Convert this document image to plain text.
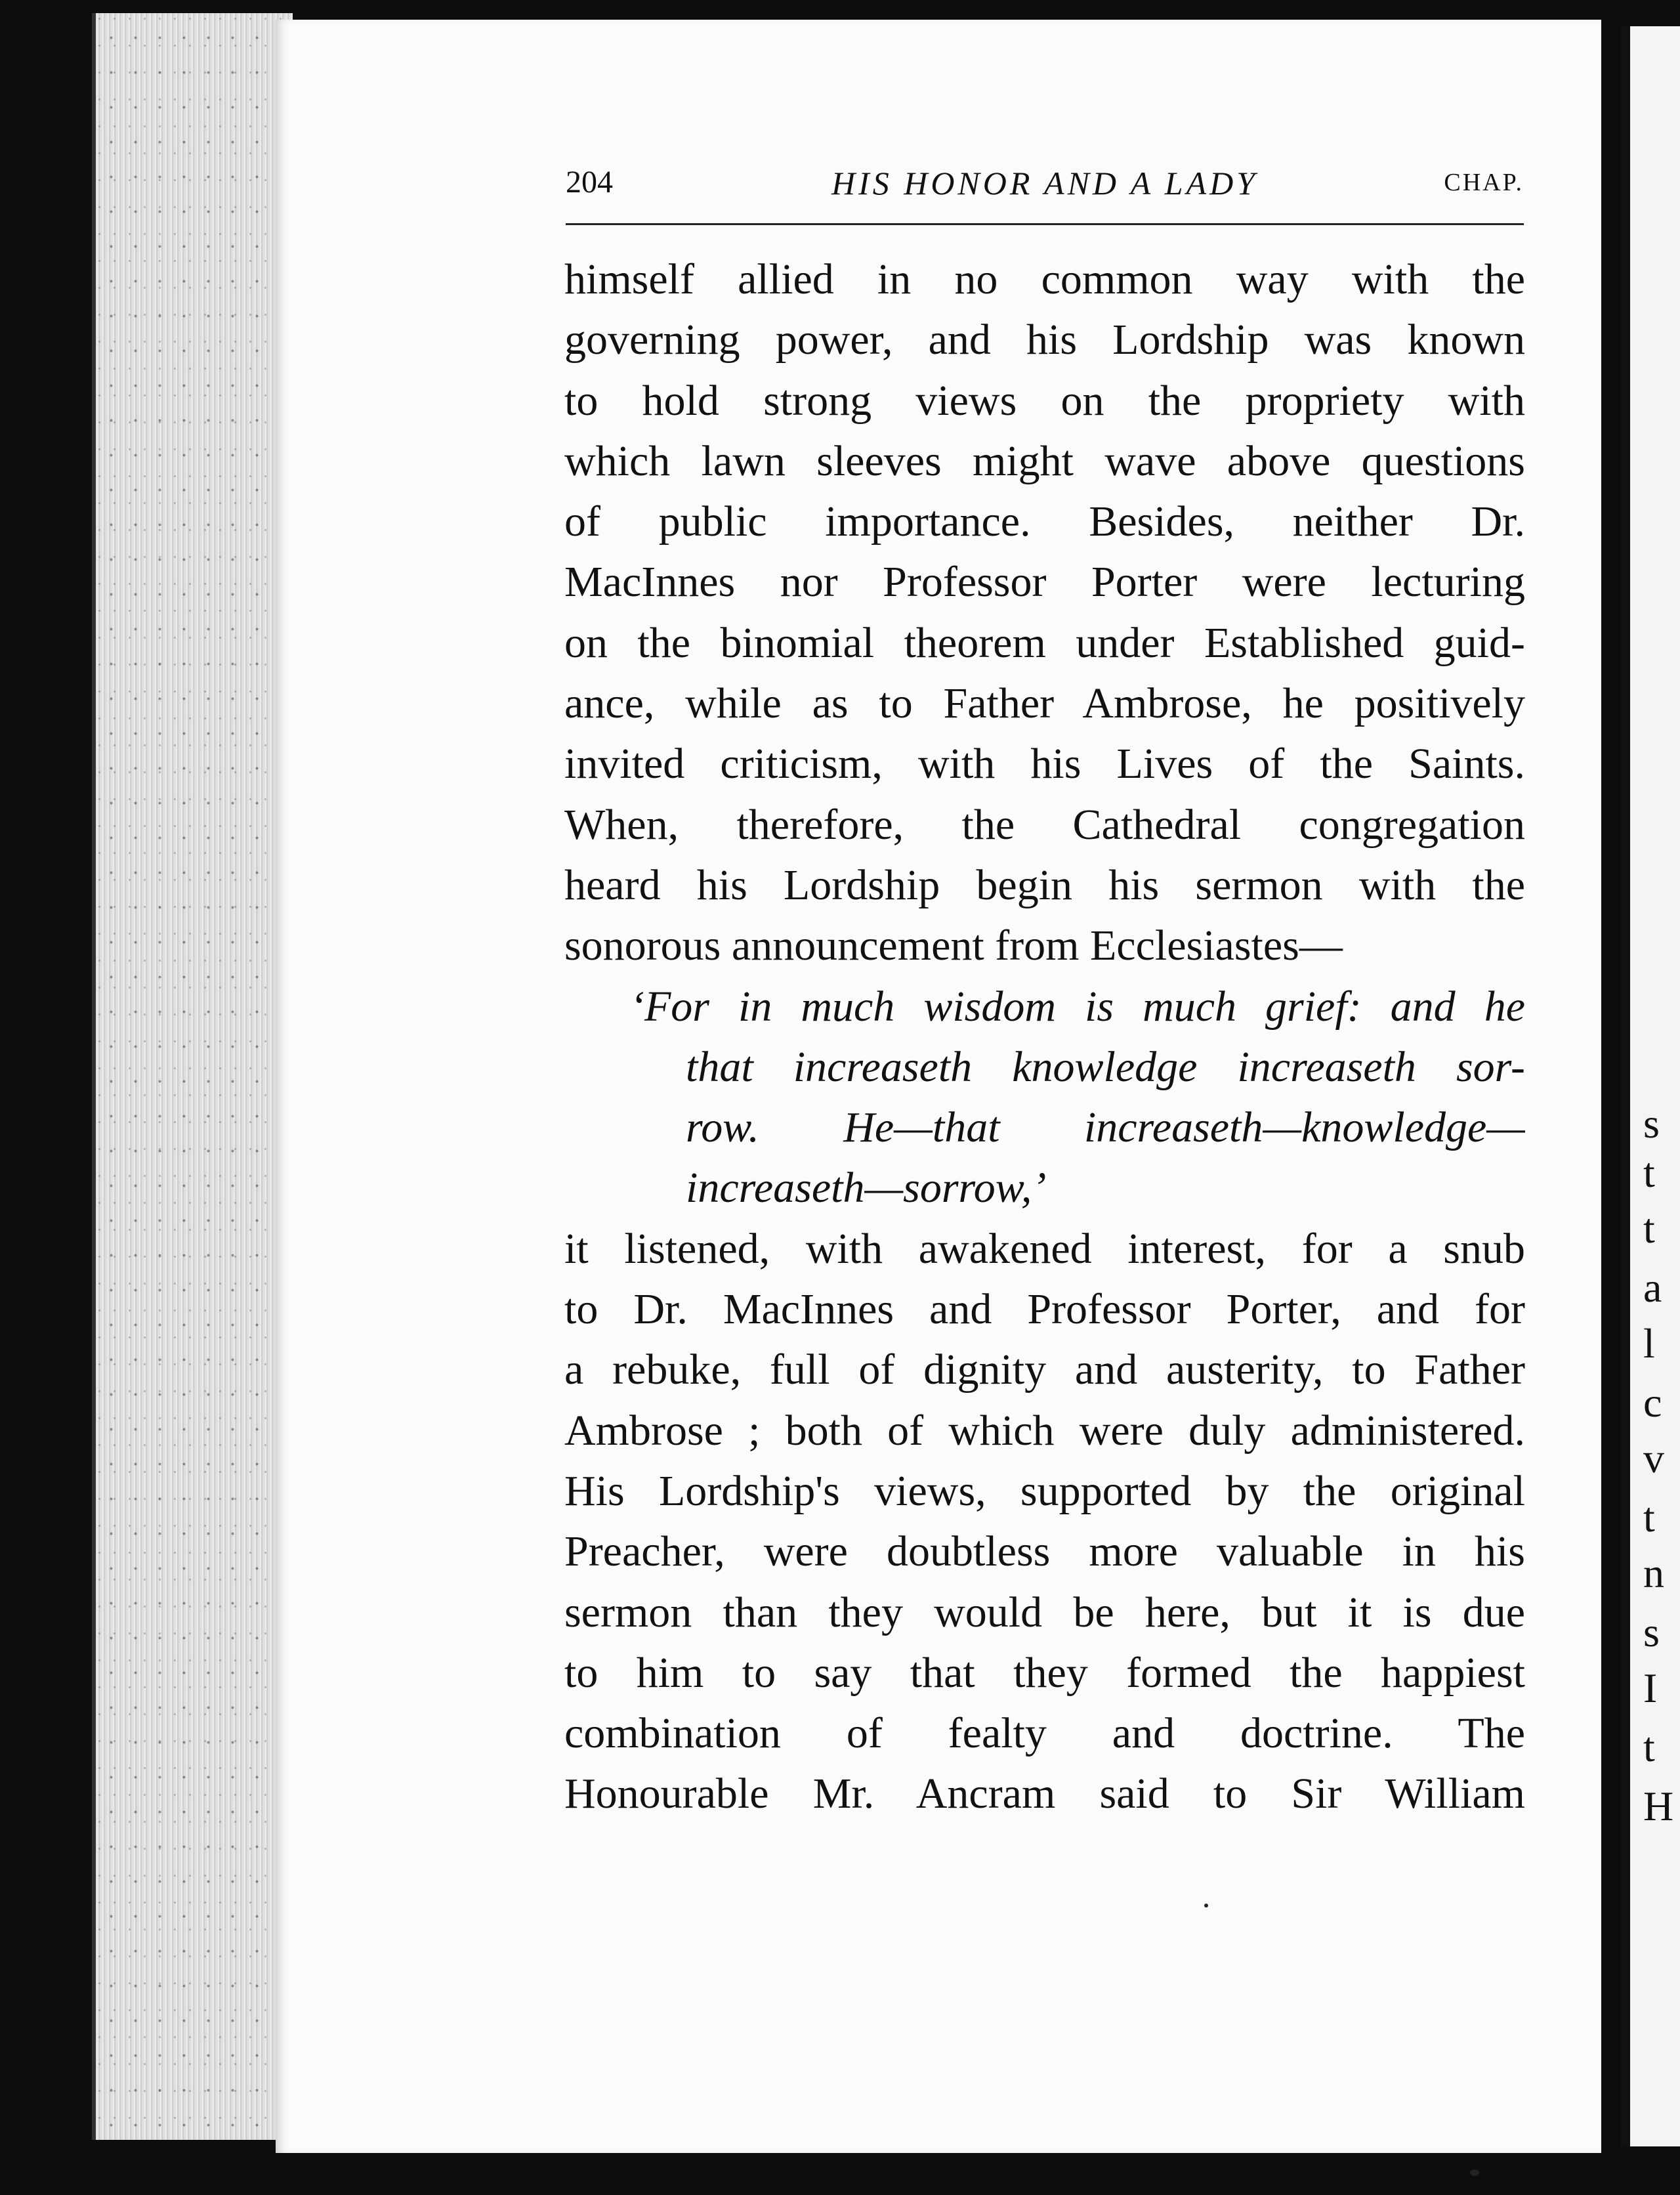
s
t
t
a
l
c
v
t
n
s
I
t
H
204	HIS HONOR AND A LADY	CHAP.
himself allied in no common way with the
governing power, and his Lordship was known
to hold strong views on the propriety with
which lawn sleeves might wave above questions
of public importance. Besides, neither Dr.
MacInnes nor Professor Porter were lecturing
on the binomial theorem under Established guid-
ance, while as to Father Ambrose, he positively
invited criticism, with his Lives of the Saints.
When, therefore, the Cathedral congregation
heard his Lordship begin his sermon with the
sonorous announcement from Ecclesiastes—
‘For in much wisdom is much grief: and he
that increaseth knowledge increaseth sor-
row. He—that increaseth—knowledge—
increaseth—sorrow,’
it listened, with awakened interest, for a snub
to Dr. MacInnes and Professor Porter, and for
a rebuke, full of dignity and austerity, to Father
Ambrose ; both of which were duly administered.
His Lordship's views, supported by the original
Preacher, were doubtless more valuable in his
sermon than they would be here, but it is due
to him to say that they formed the happiest
combination of fealty and doctrine. The
Honourable Mr. Ancram said to Sir William
